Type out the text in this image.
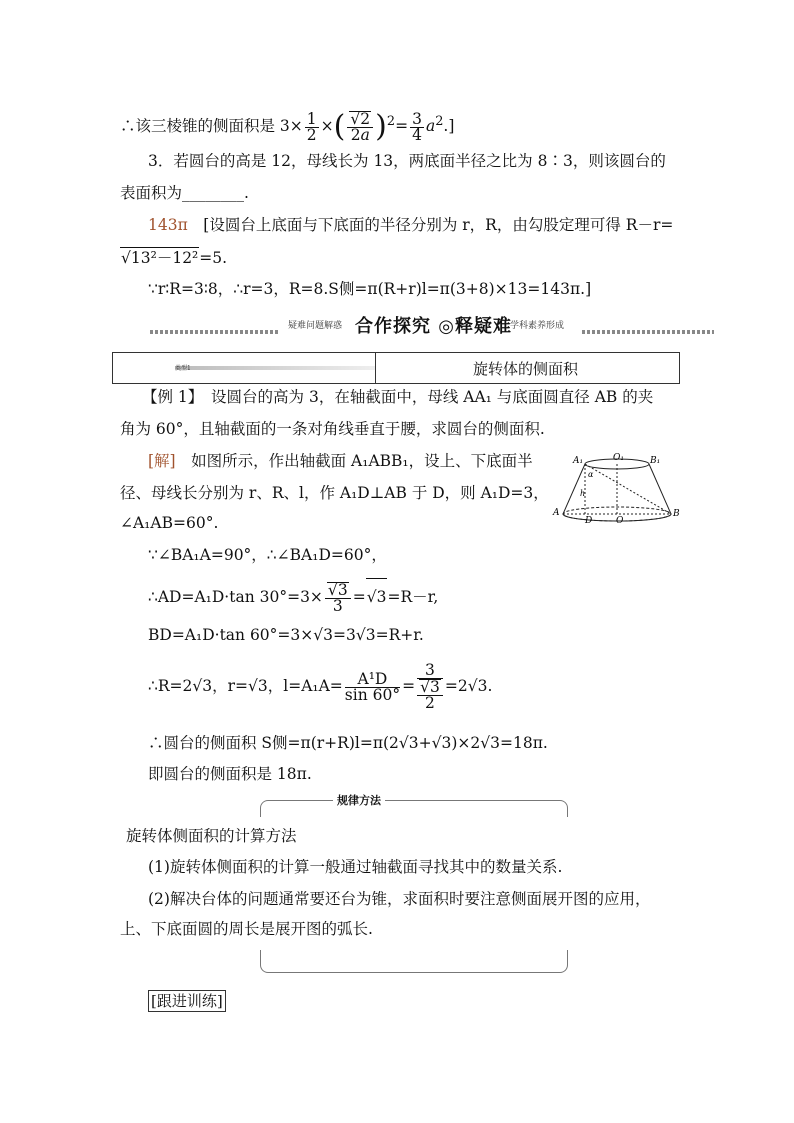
∴该三棱锥的侧面积是 $3\times \frac{1}{2}$ ×( √ $\frac{2}{2a} )^2= \frac{3}{4} a^2$.]
3．若圆台的高是 12，母线长为 13，两底面半径之比为 8∶3，则该圆台的
表面积为________.
143π　 [设圆台上底面与下底面的半径分别为 r，R，由勾股定理可得 R－r=
√ 13²－12²=5.
∵r∶R=3∶8，∴r=3，R=8.S侧=π(R+r)l=π(3+8)×13=143π.]
疑难问题解惑 合作探究 ◎释疑难
学科素养形成
类型1	旋转体的侧面积
【例 1】　设圆台的高为 3，在轴截面中，母线 AA₁ 与底面圆直径 AB 的夹
角为 60°，且轴截面的一条对角线垂直于腰，求圆台的侧面积.
[解]　 如图所示，作出轴截面 A₁ABB₁，设上、下底面半
径、母线长分别为 r、R、l，作 A₁D⊥AB 于 D，则 A₁D=3，
∠A₁AB=60°.
∵∠BA₁A=90°，∴∠BA₁D=60°，
∴AD=A₁D·tan 30°=3× √ $\frac{3}{3}$ = √ 3=R－r,
BD=A₁D·tan 60°=3×√3=3√3=R+r.
∴R=2√3，r=√3，$l=A_1A= \frac{\text{A¹D}}{\sin 60^\circ} = 3$
√ $\frac{3}{2} =2√3$.
∴圆台的侧面积 S侧=π(r+R)l=π(2√3+√3)×2√3=18π.
即圆台的侧面积是 18π.
A₁	O₁	B₁
A
D	O
B
α
h
规律方法
旋转体侧面积的计算方法
(1)旋转体侧面积的计算一般通过轴截面寻找其中的数量关系.
(2)解决台体的问题通常要还台为锥，求面积时要注意侧面展开图的应用，
上、下底面圆的周长是展开图的弧长.
[跟进训练]
